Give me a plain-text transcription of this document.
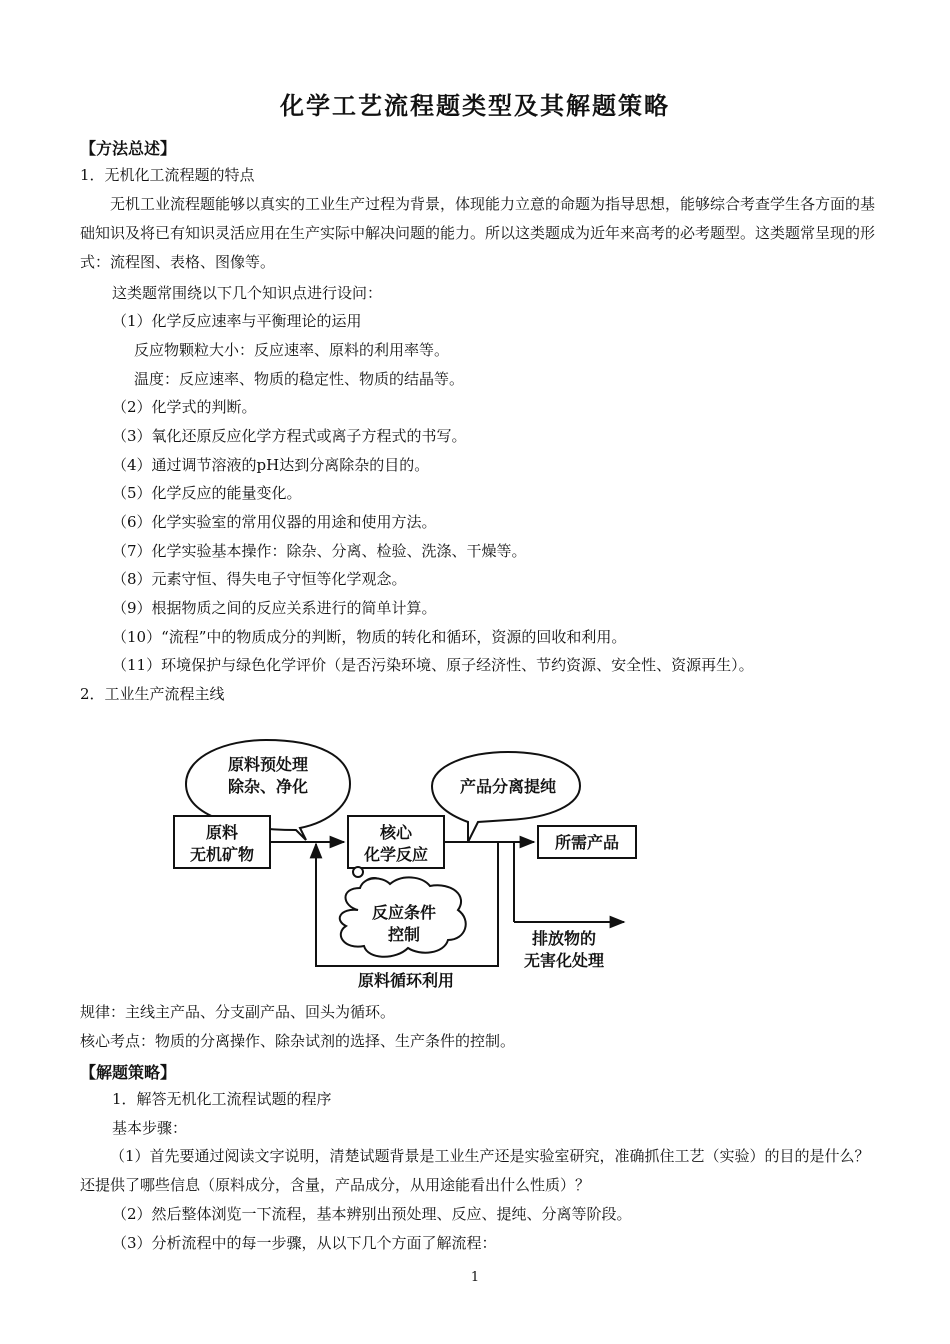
化学工艺流程题类型及其解题策略
【方法总述】
1．无机化工流程题的特点
无机工业流程题能够以真实的工业生产过程为背景，体现能力立意的命题为指导思想，能够综合考查学生各方面的基础知识及将已有知识灵活应用在生产实际中解决问题的能力。所以这类题成为近年来高考的必考题型。这类题常呈现的形式：流程图、表格、图像等。
这类题常围绕以下几个知识点进行设问：
（1）化学反应速率与平衡理论的运用
反应物颗粒大小：反应速率、原料的利用率等。
温度：反应速率、物质的稳定性、物质的结晶等。
（2）化学式的判断。
（3）氧化还原反应化学方程式或离子方程式的书写。
（4）通过调节溶液的pH达到分离除杂的目的。
（5）化学反应的能量变化。
（6）化学实验室的常用仪器的用途和使用方法。
（7）化学实验基本操作：除杂、分离、检验、洗涤、干燥等。
（8）元素守恒、得失电子守恒等化学观念。
（9）根据物质之间的反应关系进行的简单计算。
（10）“流程”中的物质成分的判断，物质的转化和循环，资源的回收和利用。
（11）环境保护与绿色化学评价（是否污染环境、原子经济性、节约资源、安全性、资源再生）。
2．工业生产流程主线
原料预处理
除杂、净化
原料
无机矿物
核心
化学反应
产品分离提纯
所需产品
排放物的
无害化处理
原料循环利用
反应条件
控制
规律：主线主产品、分支副产品、回头为循环。
核心考点：物质的分离操作、除杂试剂的选择、生产条件的控制。
【解题策略】
1．解答无机化工流程试题的程序
基本步骤：
（1）首先要通过阅读文字说明，清楚试题背景是工业生产还是实验室研究，准确抓住工艺（实验）的目的是什么？还提供了哪些信息（原料成分，含量，产品成分，从用途能看出什么性质）？
（2）然后整体浏览一下流程，基本辨别出预处理、反应、提纯、分离等阶段。
（3）分析流程中的每一步骤，从以下几个方面了解流程：
1
